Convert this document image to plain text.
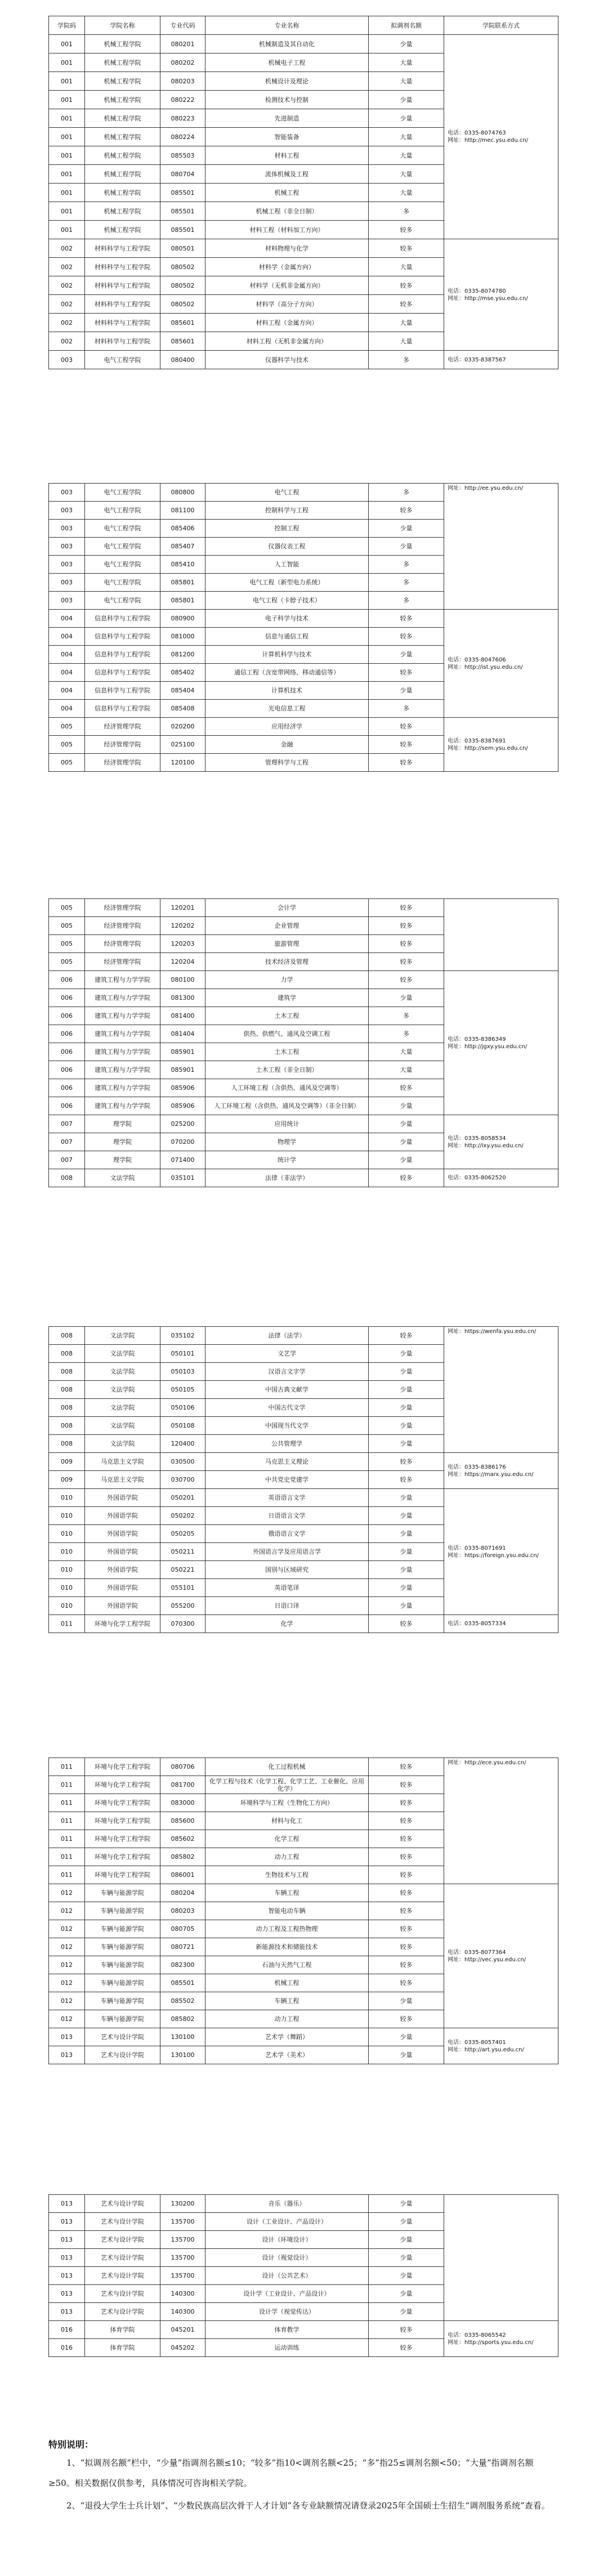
学院码	学院名称	专业代码	专业名称	拟调剂名额	学院联系方式
001	机械工程学院	080201	机械制造及其自动化	少量	电话：0335-8074763
网址：http://mec.ysu.edu.cn/

001	机械工程学院	080202	机械电子工程	大量	
001	机械工程学院	080203	机械设计及理论	大量	
001	机械工程学院	080222	检测技术与控制	少量	
001	机械工程学院	080223	先进制造	少量	
001	机械工程学院	080224	智能装备	大量	
001	机械工程学院	085503	材料工程	大量	
001	机械工程学院	080704	流体机械及工程	大量	
001	机械工程学院	085501	机械工程	大量	
001	机械工程学院	085501	机械工程（非全日制）	多	
001	机械工程学院	085501	材料工程（材料加工方向）	较多	
002	材料科学与工程学院	080501	材料物理与化学	较多	电话：0335-8074780
网址：http://mse.ysu.edu.cn/

002	材料科学与工程学院	080502	材料学（金属方向）	大量	
002	材料科学与工程学院	080502	材料学（无机非金属方向）	较多	
002	材料科学与工程学院	080502	材料学（高分子方向）	较多	
002	材料科学与工程学院	085601	材料工程（金属方向）	大量	
002	材料科学与工程学院	085601	材料工程（无机非金属方向）	大量	
003	电气工程学院	080400	仪器科学与技术	多	电话：0335-8387567
003	电气工程学院	080800	电气工程	多	网址：http://ee.ysu.edu.cn/

003	电气工程学院	081100	控制科学与工程	较多	
003	电气工程学院	085406	控制工程	少量	
003	电气工程学院	085407	仪器仪表工程	少量	
003	电气工程学院	085410	人工智能	多	
003	电气工程学院	085801	电气工程（新型电力系统）	多	
003	电气工程学院	085801	电气工程（卡脖子技术）	多	
004	信息科学与工程学院	080900	电子科学与技术	较多	电话：0335-8047606
网址：http://ist.ysu.edu.cn/

004	信息科学与工程学院	081000	信息与通信工程	较多	
004	信息科学与工程学院	081200	计算机科学与技术	少量	
004	信息科学与工程学院	085402	通信工程（含宽带网络、移动通信等）	较多	
004	信息科学与工程学院	085404	计算机技术	少量	
004	信息科学与工程学院	085408	光电信息工程	多	
005	经济管理学院	020200	应用经济学	较多	电话：0335-8387691
网址：http://sem.ysu.edu.cn/

005	经济管理学院	025100	金融	较多	
005	经济管理学院	120100	管理科学与工程	较多	
005	经济管理学院	120201	会计学	较多	

005	经济管理学院	120202	企业管理	较多	
005	经济管理学院	120203	旅游管理	较多	
005	经济管理学院	120204	技术经济及管理	较多	
006	建筑工程与力学学院	080100	力学	较多	电话：0335-8386349
网址：http://jgxy.ysu.edu.cn/

006	建筑工程与力学学院	081300	建筑学	少量	
006	建筑工程与力学学院	081400	土木工程	多	
006	建筑工程与力学学院	081404	供热、供燃气、通风及空调工程	多	
006	建筑工程与力学学院	085901	土木工程	大量	
006	建筑工程与力学学院	085901	土木工程（非全日制）	大量	
006	建筑工程与力学学院	085906	人工环境工程（含供热、通风及空调等）	较多	
006	建筑工程与力学学院	085906	人工环境工程（含供热、通风及空调等）（非全日制）	少量	
007	理学院	025200	应用统计	少量	电话：0335-8058534
网址：http://lxy.ysu.edu.cn/

007	理学院	070200	物理学	少量	
007	理学院	071400	统计学	少量	
008	文法学院	035101	法律（非法学）	较多	电话：0335-8062520
008	文法学院	035102	法律（法学）	较多	网址：https://wenfa.ysu.edu.cn/

008	文法学院	050101	文艺学	少量	
008	文法学院	050103	汉语言文字学	少量	
008	文法学院	050105	中国古典文献学	少量	
008	文法学院	050106	中国古代文学	少量	
008	文法学院	050108	中国现当代文学	少量	
008	文法学院	120400	公共管理学	少量	
009	马克思主义学院	030500	马克思主义理论	较多	电话：0335-8386176
网址：https://marx.ysu.edu.cn/

009	马克思主义学院	030700	中共党史党建学	较多	
010	外国语学院	050201	英语语言文学	少量	电话：0335-8071691
网址：https://foreign.ysu.edu.cn/

010	外国语学院	050202	日语语言文学	少量	
010	外国语学院	050205	俄语语言文学	少量	
010	外国语学院	050211	外国语言学及应用语言学	少量	
010	外国语学院	050221	国别与区域研究	少量	
010	外国语学院	055101	英语笔译	少量	
010	外国语学院	055200	日语口译	少量	
011	环境与化学工程学院	070300	化学	较多	电话：0335-8057334
011	环境与化学工程学院	080706	化工过程机械	较多	网址：http://ece.ysu.edu.cn/

011	环境与化学工程学院	081700	化学工程与技术（化学工程、化学工艺、工业催化、应用化学）	较多	
011	环境与化学工程学院	083000	环境科学与工程（生物化工方向）	较多	
011	环境与化学工程学院	085600	材料与化工	较多	
011	环境与化学工程学院	085602	化学工程	较多	
011	环境与化学工程学院	085802	动力工程	较多	
011	环境与化学工程学院	086001	生物技术与工程	较多	
012	车辆与能源学院	080204	车辆工程	较多	电话：0335-8077364
网址：http://vec.ysu.edu.cn/

012	车辆与能源学院	080203	智能电动车辆	较多	
012	车辆与能源学院	080705	动力工程及工程热物理	较多	
012	车辆与能源学院	080721	新能源技术和储能技术	较多	
012	车辆与能源学院	082300	石油与天然气工程	较多	
012	车辆与能源学院	085501	机械工程	较多	
012	车辆与能源学院	085502	车辆工程	少量	
012	车辆与能源学院	085802	动力工程	较多	
013	艺术与设计学院	130100	艺术学（舞蹈）	少量	电话：0335-8057401
网址：http://art.ysu.edu.cn/

013	艺术与设计学院	130100	艺术学（美术）	少量	
013	艺术与设计学院	130200	音乐（器乐）	少量	

013	艺术与设计学院	135700	设计（工业设计、产品设计）	少量	
013	艺术与设计学院	135700	设计（环境设计）	少量	
013	艺术与设计学院	135700	设计（视觉设计）	少量	
013	艺术与设计学院	135700	设计（公共艺术）	少量	
013	艺术与设计学院	140300	设计学（工业设计、产品设计）	少量	
013	艺术与设计学院	140300	设计学（视觉传达）	少量	
016	体育学院	045201	体育教学	较多	电话：0335-8065542
网址：http://sports.ysu.edu.cn/

016	体育学院	045202	运动训练	较多	
特别说明：

1、“拟调剂名额”栏中，“少量”指调剂名额≤10；“较多”指10<调剂名额<25；“多”指25≤调剂名额<50；“大量”指调剂名额≥50。相关数据仅供参考，具体情况可咨询相关学院。

2、“退役大学生士兵计划”、“少数民族高层次骨干人才计划”各专业缺额情况请登录2025年全国硕士生招生“调剂服务系统”查看。
